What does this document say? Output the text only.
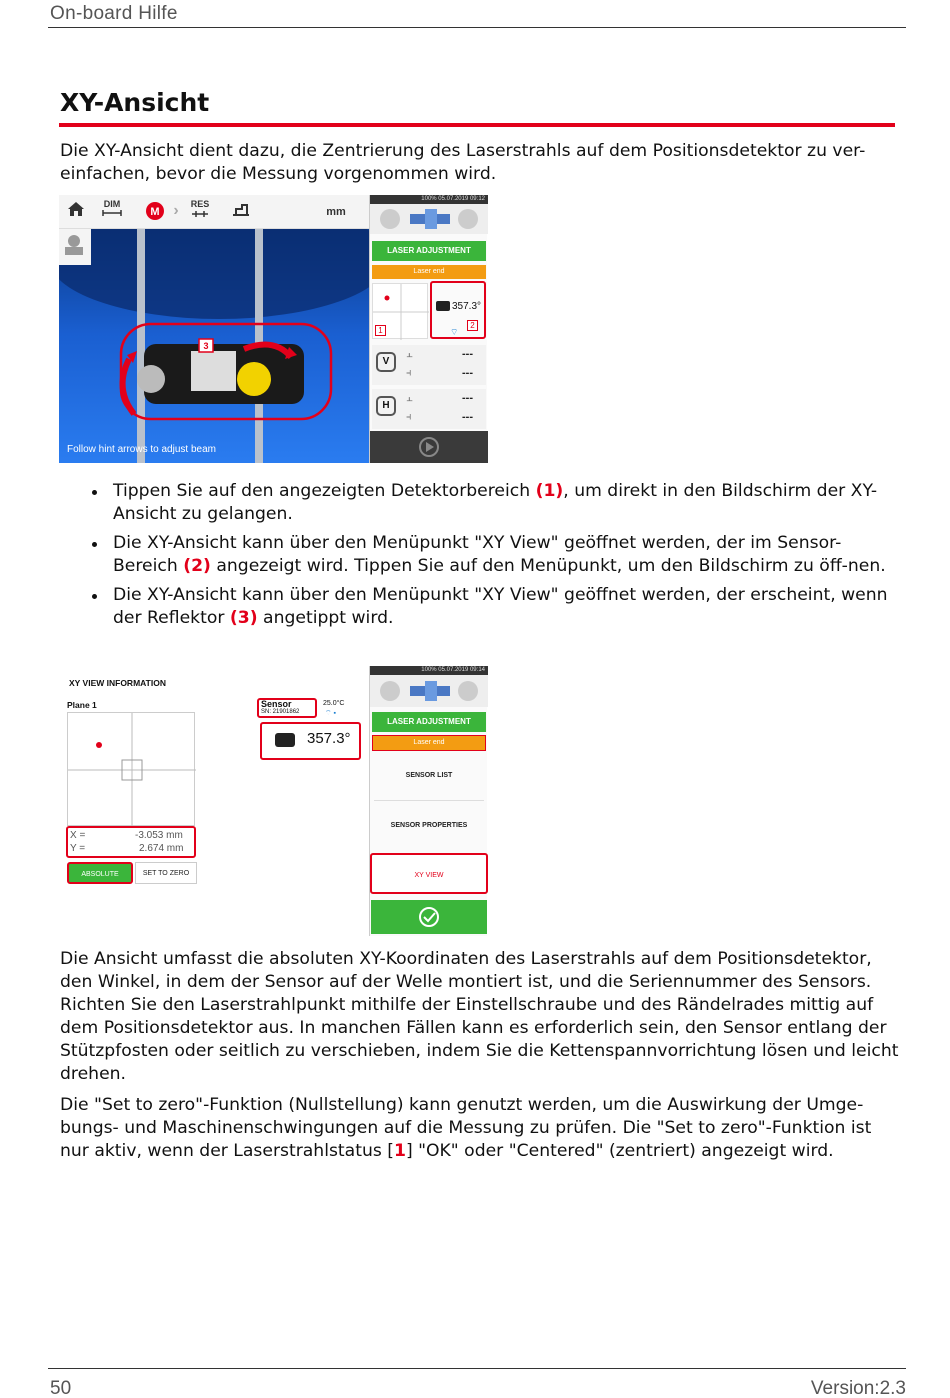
On-board Hilfe
XY-Ansicht

Die XY-Ansicht dient dazu, die Zentrierung des Laserstrahls auf dem Positionsdetektor zu ver-einfachen, bevor die Messung vorgenommen wird.

DIM

M ›	RES

mm
3
Follow hint arrows to adjust beam
100% 05.07.2019 09:12
LASER ADJUSTMENT
Laser end
1
357.3°
2
⌔
V
---
---
⫠
⫞
H
---
---
⫠
⫞
Tippen Sie auf den angezeigten Detektorbereich (1), um direkt in den Bildschirm der XY-Ansicht zu gelangen.
Die XY-Ansicht kann über den Menüpunkt "XY View" geöffnet werden, der im Sensor-Bereich (2) angezeigt wird. Tippen Sie auf den Menüpunkt, um den Bildschirm zu öff-nen.
Die XY-Ansicht kann über den Menüpunkt "XY View" geöffnet werden, der erscheint, wenn der Reflektor (3) angetippt wird.
XY VIEW INFORMATION
Plane 1
X =	-3.053 mm
Y =	2.674 mm
ABSOLUTE	SET TO ZERO
Sensor
SN: 21901862
25.0°C
⌔ ▪
357.3°
100% 05.07.2019 09:14
LASER ADJUSTMENT
Laser end
SENSOR LIST
SENSOR PROPERTIES
XY VIEW

Die Ansicht umfasst die absoluten XY-Koordinaten des Laserstrahls auf dem Positionsdetektor, den Winkel, in dem der Sensor auf der Welle montiert ist, und die Seriennummer des Sensors. Richten Sie den Laserstrahlpunkt mithilfe der Einstellschraube und des Rändelrades mittig auf dem Positionsdetektor aus. In manchen Fällen kann es erforderlich sein, den Sensor entlang der Stützpfosten oder seitlich zu verschieben, indem Sie die Kettenspannvorrichtung lösen und leicht drehen.

Die "Set to zero"-Funktion (Nullstellung) kann genutzt werden, um die Auswirkung der Umge-bungs- und Maschinenschwingungen auf die Messung zu prüfen. Die "Set to zero"-Funktion ist nur aktiv, wenn der Laserstrahlstatus [1] "OK" oder "Centered" (zentriert) angezeigt wird.

50	Version:2.3
